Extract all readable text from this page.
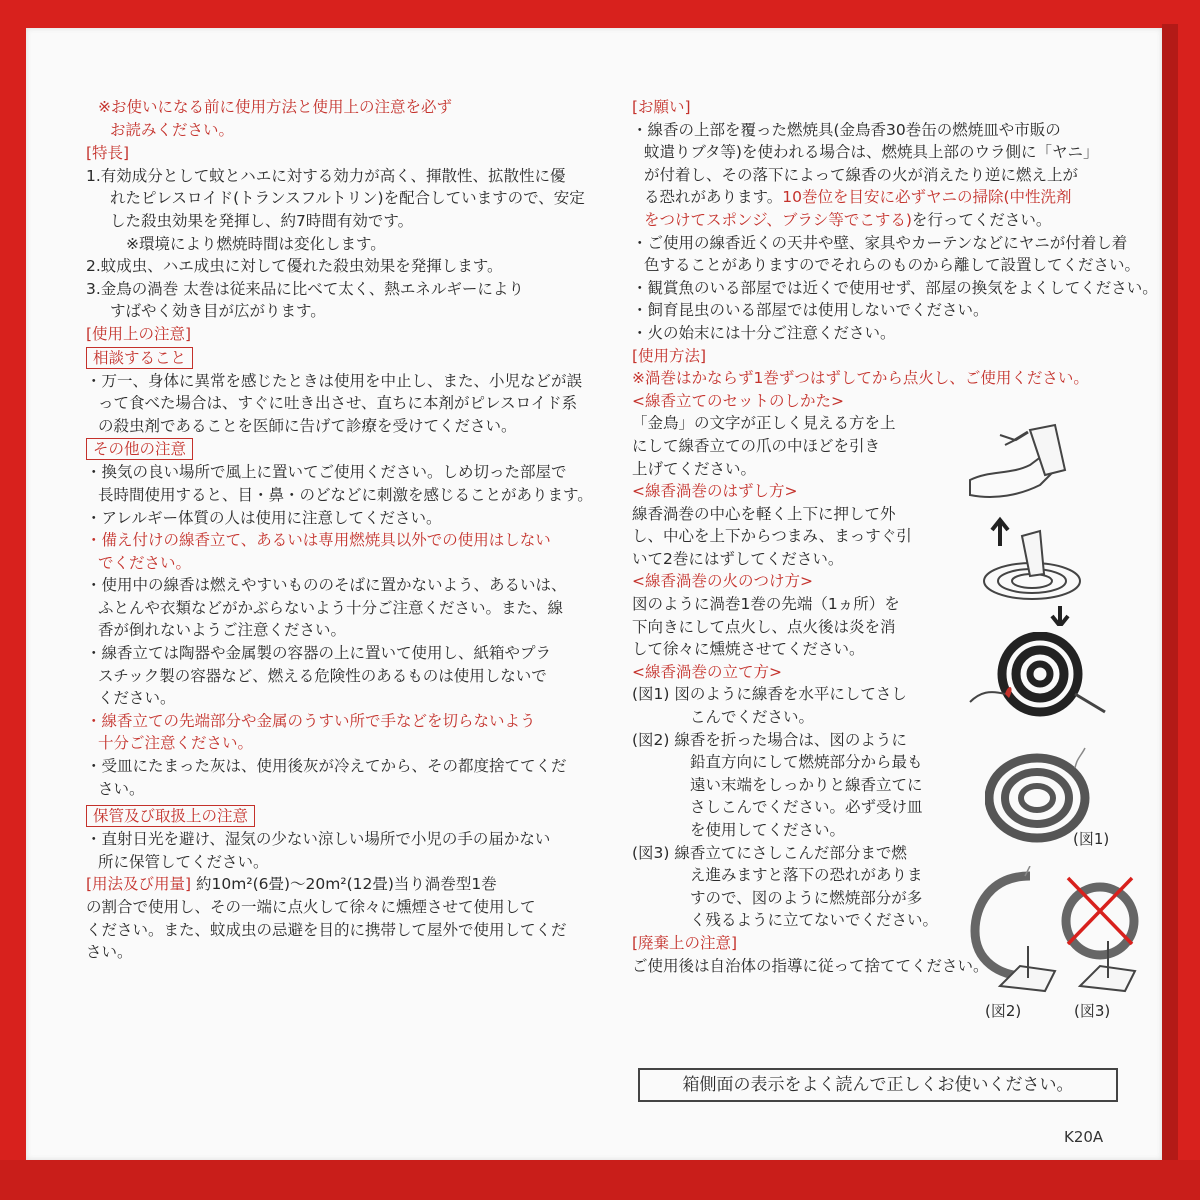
※お使いになる前に使用方法と使用上の注意を必ず
お読みください。
[特長]
1.有効成分として蚊とハエに対する効力が高く、揮散性、拡散性に優
れたピレスロイド(トランスフルトリン)を配合していますので、安定
した殺虫効果を発揮し、約7時間有効です。
※環境により燃焼時間は変化します。
2.蚊成虫、ハエ成虫に対して優れた殺虫効果を発揮します。
3.金鳥の渦巻 太巻は従来品に比べて太く、熱エネルギーにより
すばやく効き目が広がります。
[使用上の注意]
相談すること
・万一、身体に異常を感じたときは使用を中止し、また、小児などが誤
って食べた場合は、すぐに吐き出させ、直ちに本剤がピレスロイド系
の殺虫剤であることを医師に告げて診療を受けてください。
その他の注意
・換気の良い場所で風上に置いてご使用ください。しめ切った部屋で
長時間使用すると、目・鼻・のどなどに刺激を感じることがあります。
・アレルギー体質の人は使用に注意してください。
・備え付けの線香立て、あるいは専用燃焼具以外での使用はしない
でください。
・使用中の線香は燃えやすいもののそばに置かないよう、あるいは、
ふとんや衣類などがかぶらないよう十分ご注意ください。また、線
香が倒れないようご注意ください。
・線香立ては陶器や金属製の容器の上に置いて使用し、紙箱やプラ
スチック製の容器など、燃える危険性のあるものは使用しないで
ください。
・線香立ての先端部分や金属のうすい所で手などを切らないよう
十分ご注意ください。
・受皿にたまった灰は、使用後灰が冷えてから、その都度捨ててくだ
さい。
保管及び取扱上の注意
・直射日光を避け、湿気の少ない涼しい場所で小児の手の届かない
所に保管してください。
[用法及び用量] 約10m²(6畳)～20m²(12畳)当り渦巻型1巻
の割合で使用し、その一端に点火して徐々に燻煙させて使用して
ください。また、蚊成虫の忌避を目的に携帯して屋外で使用してくだ
さい。
[お願い]
・線香の上部を覆った燃焼具(金鳥香30巻缶の燃焼皿や市販の
蚊遣りブタ等)を使われる場合は、燃焼具上部のウラ側に「ヤニ」
が付着し、その落下によって線香の火が消えたり逆に燃え上が
る恐れがあります。10巻位を目安に必ずヤニの掃除(中性洗剤
をつけてスポンジ、ブラシ等でこする)を行ってください。
・ご使用の線香近くの天井や壁、家具やカーテンなどにヤニが付着し着
色することがありますのでそれらのものから離して設置してください。
・観賞魚のいる部屋では近くで使用せず、部屋の換気をよくしてください。
・飼育昆虫のいる部屋では使用しないでください。
・火の始末には十分ご注意ください。
[使用方法]
※渦巻はかならず1巻ずつはずしてから点火し、ご使用ください。
<線香立てのセットのしかた>
「金鳥」の文字が正しく見える方を上
にして線香立ての爪の中ほどを引き
上げてください。
<線香渦巻のはずし方>
線香渦巻の中心を軽く上下に押して外
し、中心を上下からつまみ、まっすぐ引
いて2巻にはずしてください。
<線香渦巻の火のつけ方>
図のように渦巻1巻の先端（1ヵ所）を
下向きにして点火し、点火後は炎を消
して徐々に燻焼させてください。
<線香渦巻の立て方>
(図1) 図のように線香を水平にしてさし
こんでください。
(図2) 線香を折った場合は、図のように
鉛直方向にして燃焼部分から最も
遠い末端をしっかりと線香立てに
さしこんでください。必ず受け皿
を使用してください。
(図3) 線香立てにさしこんだ部分まで燃
え進みますと落下の恐れがありま
すので、図のように燃焼部分が多
く残るように立てないでください。
[廃棄上の注意]
ご使用後は自治体の指導に従って捨ててください。
箱側面の表示をよく読んで正しくお使いください。
K20A
(図1)
(図2)	(図3)
